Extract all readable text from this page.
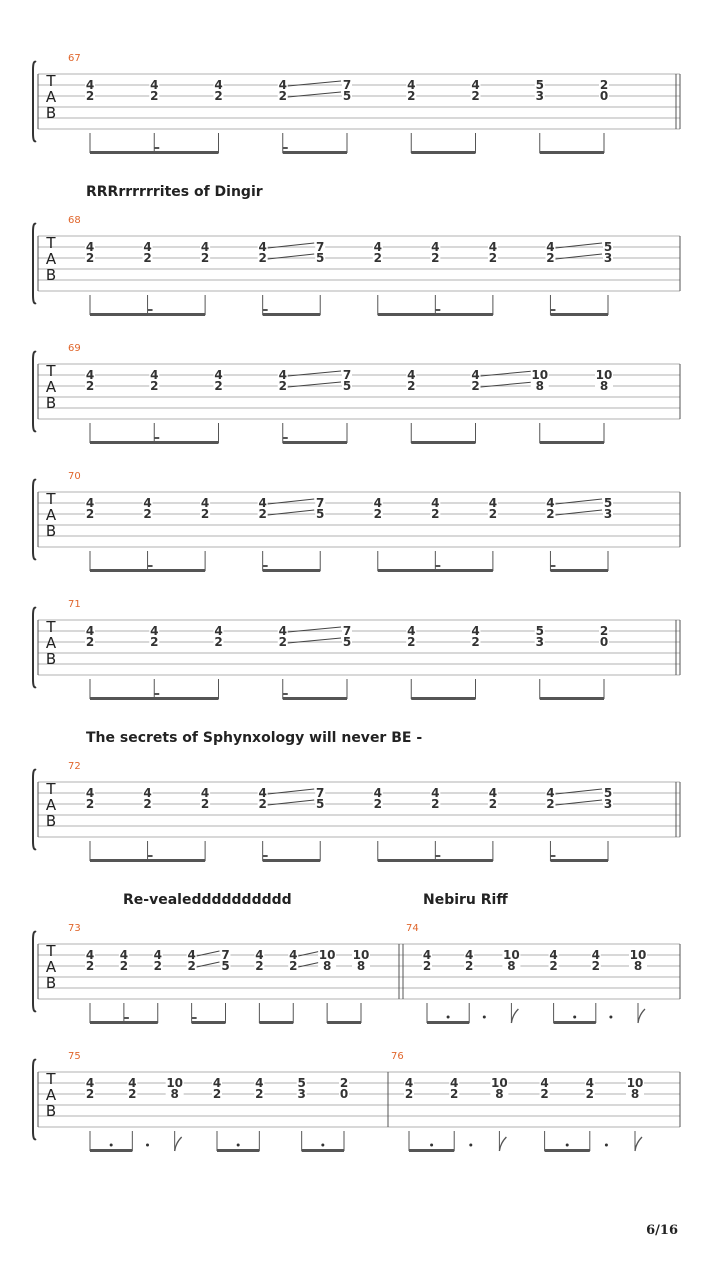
6/16
T
A
B
67
4
2
4
2
4
2
4
2
7
5
4
2
4
2
5
3
2
0
RRRrrrrrrites of Dingir
T
A
B
68
4
2
4
2
4
2
4
2
7
5
4
2
4
2
4
2
4
2
5
3
T
A
B
69
4
2
4
2
4
2
4
2
7
5
4
2
4
2
10
8
10
8
T
A
B
70
4
2
4
2
4
2
4
2
7
5
4
2
4
2
4
2
4
2
5
3
T
A
B
71
4
2
4
2
4
2
4
2
7
5
4
2
4
2
5
3
2
0
The secrets of Sphynxology will never BE -
T
A
B
72
4
2
4
2
4
2
4
2
7
5
4
2
4
2
4
2
4
2
5
3
Re-vealedddddddddd	Nebiru Riff
T
A
B
73
4
2
4
2
4
2
4
2
7
5
4
2
4
2
10
8
10
8
74
4
2
4
2
10
8
4
2
4
2
10
8
T
A
B
75
4
2
4
2
10
8
4
2
4
2
5
3
2
0
76
4
2
4
2
10
8
4
2
4
2
10
8
